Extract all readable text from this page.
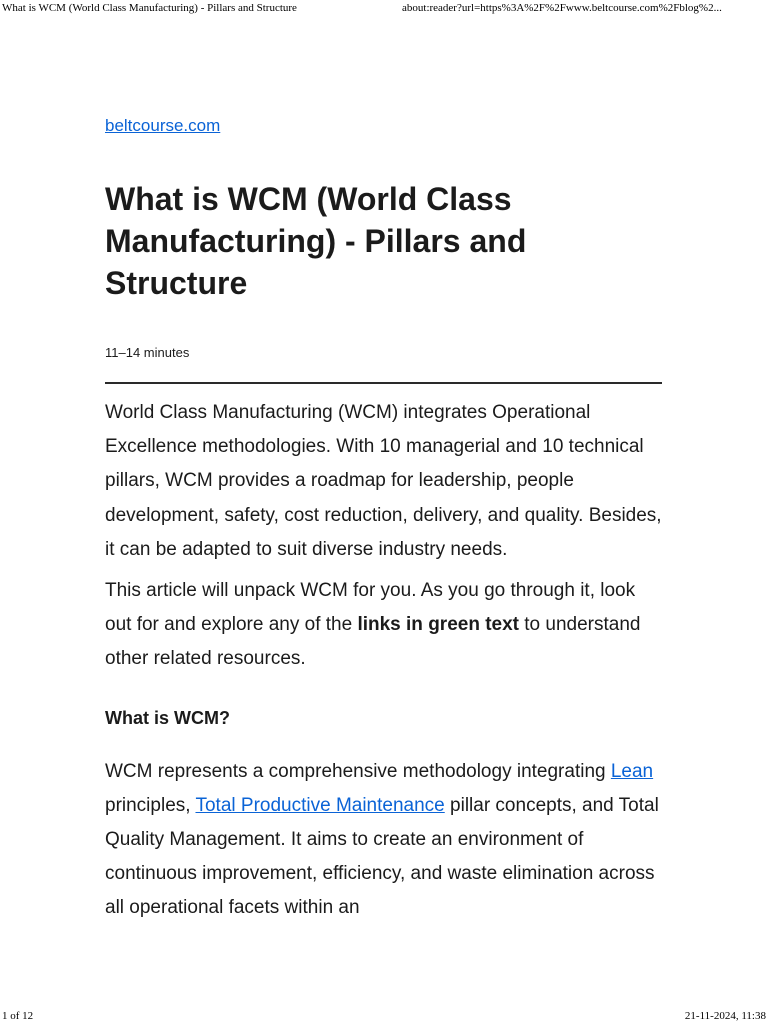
What is WCM (World Class Manufacturing) - Pillars and Structure	about:reader?url=https%3A%2F%2Fwww.beltcourse.com%2Fblog%2...
beltcourse.com
What is WCM (World Class Manufacturing) - Pillars and Structure
11–14 minutes

World Class Manufacturing (WCM) integrates Operational Excellence methodologies. With 10 managerial and 10 technical pillars, WCM provides a roadmap for leadership, people development, safety, cost reduction, delivery, and quality. Besides, it can be adapted to suit diverse industry needs.

This article will unpack WCM for you. As you go through it, look out for and explore any of the links in green text to understand other related resources.

What is WCM?

WCM represents a comprehensive methodology integrating Lean principles, Total Productive Maintenance pillar concepts, and Total Quality Management. It aims to create an environment of continuous improvement, efficiency, and waste elimination across all operational facets within an

1 of 12	21-11-2024, 11:38
